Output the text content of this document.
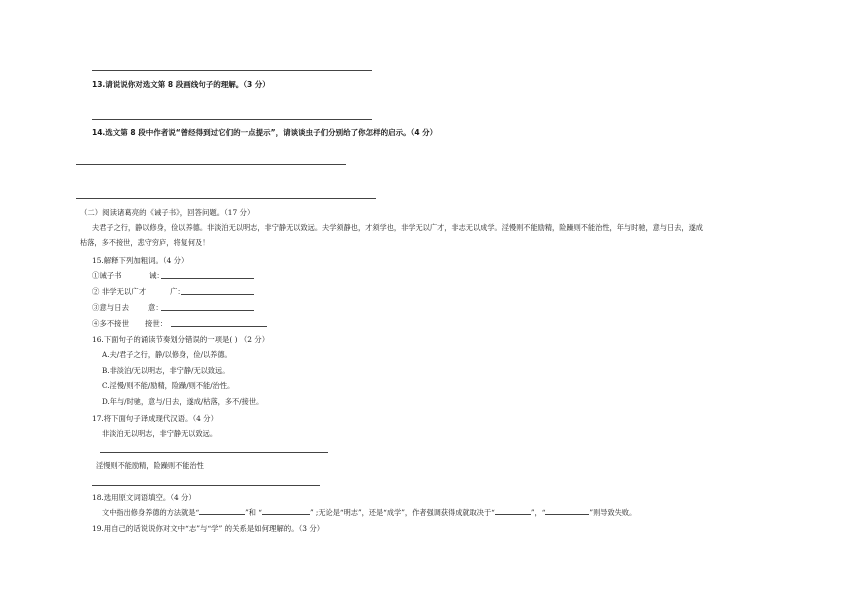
13.请说说你对选文第 8 段画线句子的理解。（3 分）
14.选文第 8 段中作者说“曾经得到过它们的一点提示”，请谈谈虫子们分别给了你怎样的启示。（4 分）
（二）阅读诸葛亮的《诫子书》，回答问题。（17 分）
夫君子之行，静以修身，俭以养德。非淡泊无以明志，非宁静无以致远。夫学须静也，才须学也，非学无以广才，非志无以成学。淫慢则不能励精，险躁则不能治性，年与时驰，意与日去，遂成
枯落，多不接世，悲守穷庐，将复何及！
15.解释下列加粗词。（4 分）
①诫子书	诫：
② 非学无以广才	广：
③意与日去	意：
④多不接世 接世：
16.下面句子的诵读节奏划分错误的一项是( ) （2 分）
A.夫/君子之行，静/以修身，俭/以养德。
B.非淡泊/无以明志，非宁静/无以致远。
C.淫慢/则不能/励精，险躁/则不能/治性。
D.年与/时驰，意与/日去，遂成/枯落，多不/接世。
17.将下面句子译成现代汉语。（4 分）
非淡泊无以明志，非宁静无以致远。
淫慢则不能励精，险躁则不能治性
18.选用原文词语填空。（4 分）
文中指出修身养德的方法就是“	”和 “	” ;无论是“明志”，还是“成学”，作者强调获得成就取决于“	”，“	”则导致失败。
19.用自己的话说说你对文中“志”与“学” 的关系是如何理解的。（3 分）
